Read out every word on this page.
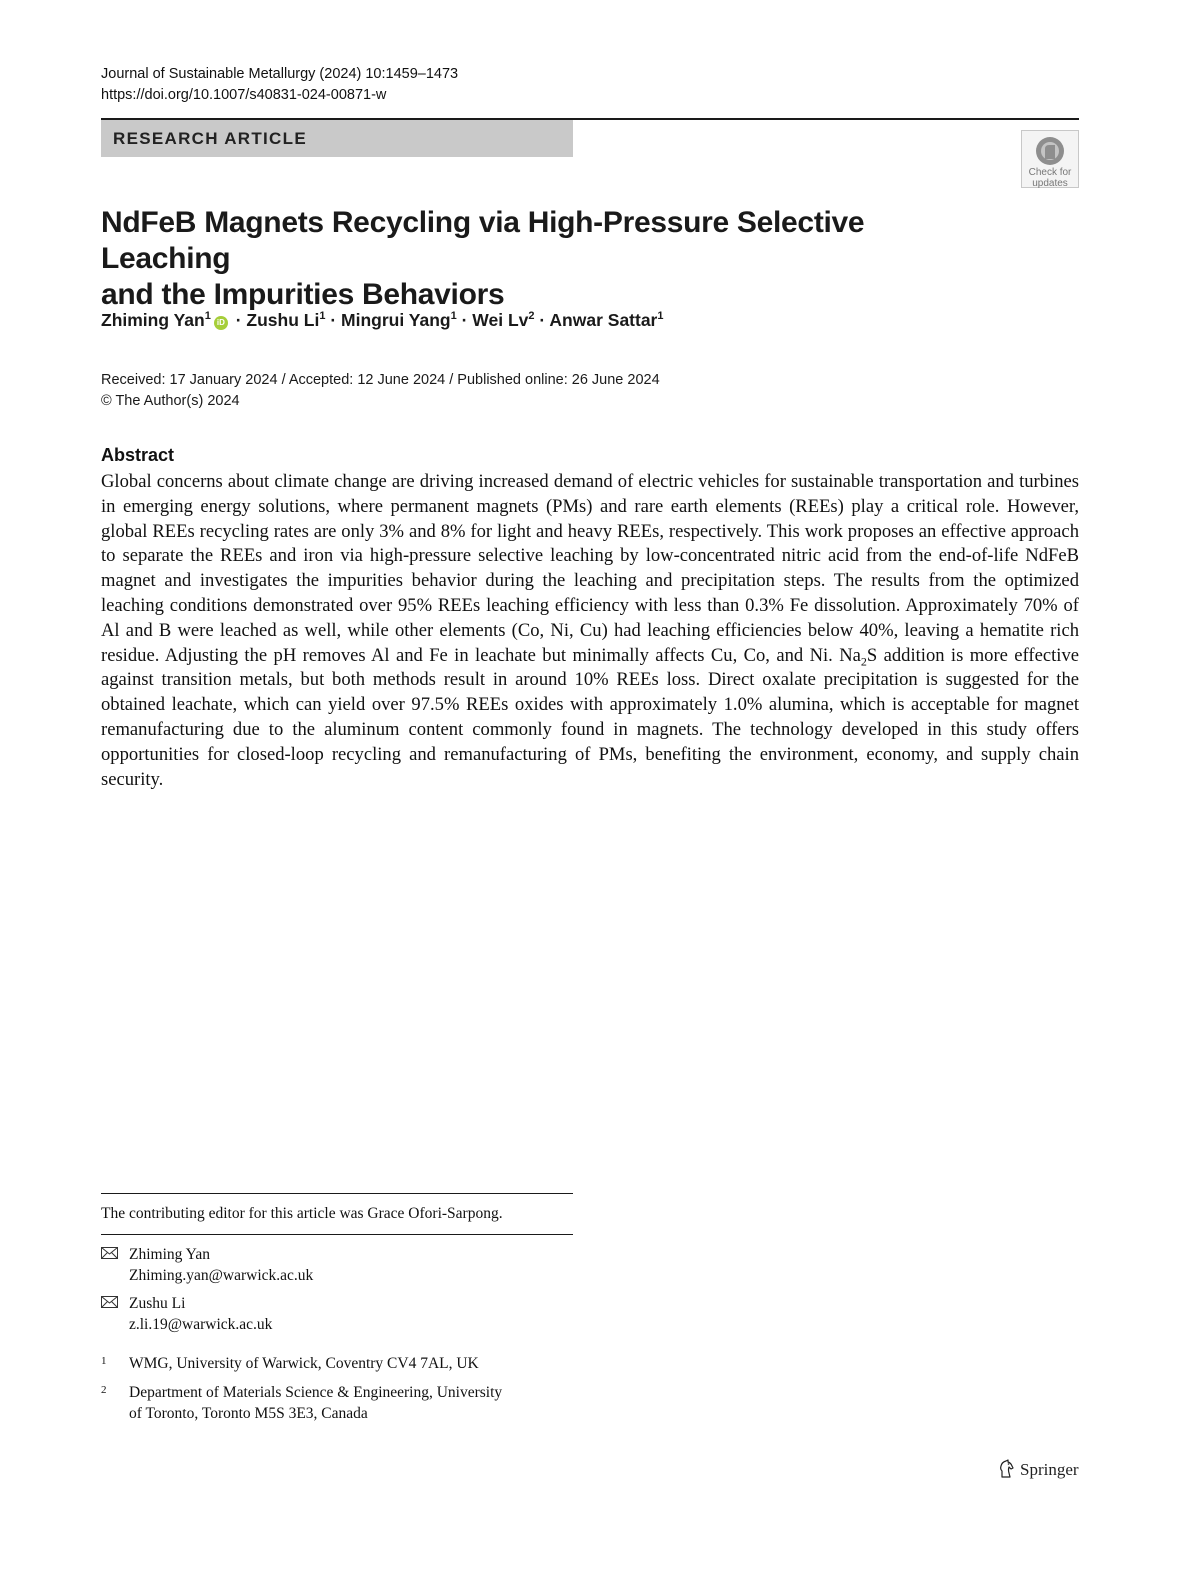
Journal of Sustainable Metallurgy (2024) 10:1459–1473
https://doi.org/10.1007/s40831-024-00871-w
RESEARCH ARTICLE
Check for
updates
NdFeB Magnets Recycling via High-Pressure Selective Leaching
and the Impurities Behaviors
Zhiming Yan$^1$iD · Zushu $Li^1$ · Mingrui Yang$^1$ · Wei $Lv^2$ · Anwar Sattar$^1$
Received: 17 January 2024 / Accepted: 12 June 2024 / Published online: 26 June 2024
© The Author(s) 2024
Abstract
Global concerns about climate change are driving increased demand of electric vehicles for sustainable transportation and turbines in emerging energy solutions, where permanent magnets (PMs) and rare earth elements (REEs) play a critical role. However, global REEs recycling rates are only 3% and 8% for light and heavy REEs, respectively. This work proposes an effective approach to separate the REEs and iron via high-pressure selective leaching by low-concentrated nitric acid from the end-of-life NdFeB magnet and investigates the impurities behavior during the leaching and precipitation steps. The results from the optimized leaching conditions demonstrated over 95% REEs leaching efficiency with less than 0.3% Fe dissolution. Approximately 70% of Al and B were leached as well, while other elements (Co, Ni, Cu) had leaching efficiencies below 40%, leaving a hematite rich residue. Adjusting the pH removes Al and Fe in leachate but minimally affects Cu, Co, and Ni. $Na_2S$ addition is more effective against transition metals, but both methods result in around 10% REEs loss. Direct oxalate precipitation is suggested for the obtained leachate, which can yield over 97.5% REEs oxides with approximately 1.0% alumina, which is acceptable for magnet remanufacturing due to the aluminum content commonly found in magnets. The technology developed in this study offers opportunities for closed-loop recycling and remanufacturing of PMs, benefiting the environment, economy, and supply chain security.
The contributing editor for this article was Grace Ofori-Sarpong.
Zhiming Yan
Zhiming.yan@warwick.ac.uk
Zushu Li
z.li.19@warwick.ac.uk
1 WMG, University of Warwick, Coventry CV4 7AL, UK
2 Department of Materials Science & Engineering, University
of Toronto, Toronto M5S 3E3, Canada
Springer
